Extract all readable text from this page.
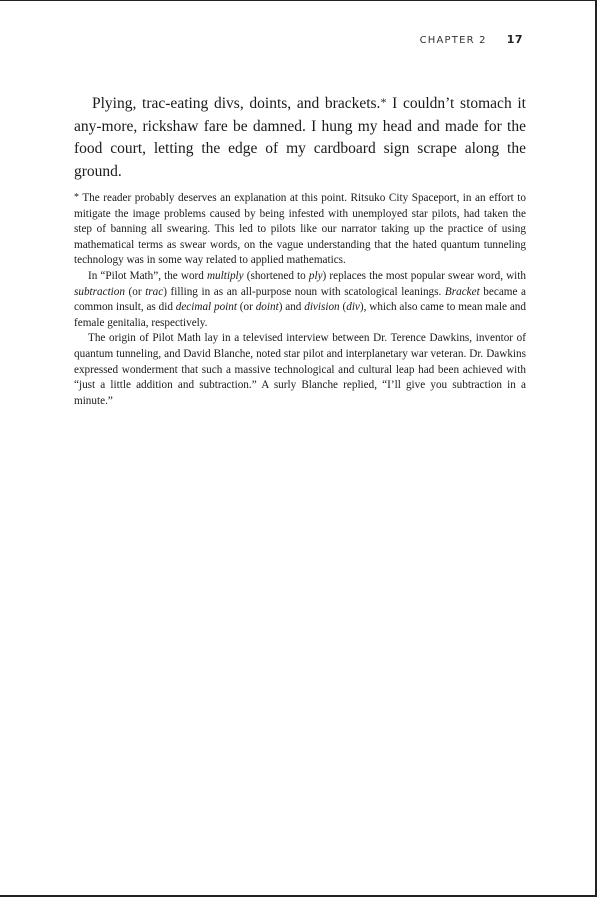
CHAPTER 2 17

Plying, trac-eating divs, doints, and brackets.* I couldn’t stomach it any-more, rickshaw fare be damned. I hung my head and made for the food court, letting the edge of my cardboard sign scrape along the ground.

* The reader probably deserves an explanation at this point. Ritsuko City Spaceport, in an effort to mitigate the image problems caused by being infested with unemployed star pilots, had taken the step of banning all swearing. This led to pilots like our narrator taking up the practice of using mathematical terms as swear words, on the vague understanding that the hated quantum tunneling technology was in some way related to applied mathematics.

In “Pilot Math”, the word multiply (shortened to ply) replaces the most popular swear word, with subtraction (or trac) filling in as an all-purpose noun with scatological leanings. Bracket became a common insult, as did decimal point (or doint) and division (div), which also came to mean male and female genitalia, respectively.

The origin of Pilot Math lay in a televised interview between Dr. Terence Dawkins, inventor of quantum tunneling, and David Blanche, noted star pilot and interplanetary war veteran. Dr. Dawkins expressed wonderment that such a massive technological and cultural leap had been achieved with “just a little addition and subtraction.” A surly Blanche replied, “I’ll give you subtraction in a minute.”
